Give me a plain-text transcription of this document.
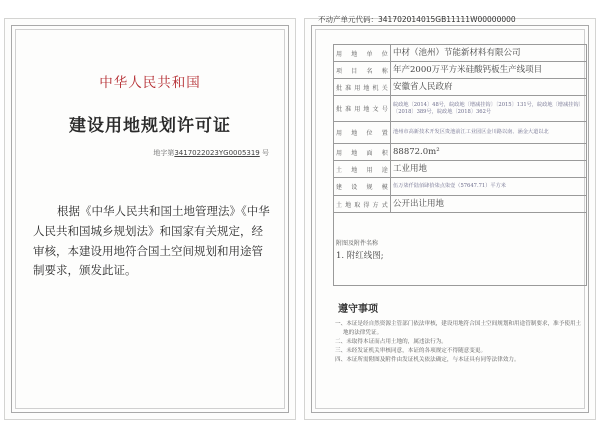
中华人民共和国
建设用地规划许可证
地字第3417022023YG0005319 号

根据《中华人民共和国土地管理法》《中华人民共和国城乡规划法》和国家有关规定，经审核，本建设用地符合国土空间规划和用途管制要求，颁发此证。

不动产单元代码：341702014015GB11111W00000000
用地单位	中材（池州）节能新材料有限公司
项目名称	年产2000万平方米硅酸钙板生产线项目
批准用地机关	安徽省人民政府
批准用地文号	皖政地〔2014〕48号，皖政地〔增减挂钩〕〔2015〕131号，皖政地〔增减挂钩〕〔2018〕389号，皖政地〔2018〕362号
用地位置	池州市高新技术开发区贵池前江工业园区金川路以南、涵金大道以北
用地面积	88872.0m²
土地用途	工业用地
建设规模	伍万柒仟陆佰肆拾柒点柒壹（57647.71）平方米
土地取得方式	公开出让用地

附图及附件名称
1. 附红线图;	
遵守事项
一、本证是经自然资源主管部门依法审核，建设用地符合国土空间规划和用途管制要求，准予使用土地的法律凭证。
二、未取得本证而占用土地的，属违法行为。
三、未经发证机关审核同意，本证的各项规定不得随意变更。
四、本证所需附图及附件由发证机关依法确定，与本证具有同等法律效力。
